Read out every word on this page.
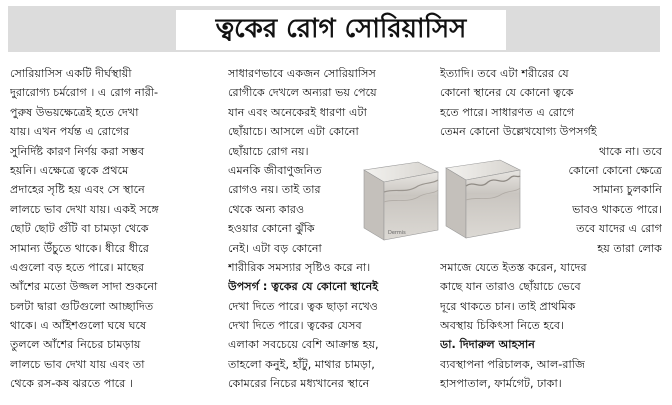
ত্বকের রোগ সোরিয়াসিস
সোরিয়াসিস একটি দীর্ঘস্থায়ী
দুরারোগ্য চর্মরোগ । এ রোগ নারী-
পুরুষ উভয়ক্ষেত্রেই হতে দেখা
যায়। এখন পর্যন্ত এ রোগের
সুনির্দিষ্ট কারণ নির্ণয় করা সম্ভব
হয়নি। এক্ষেত্রে ত্বকে প্রথমে
প্রদাহের সৃষ্টি হয় এবং সে স্থানে
লালচে ভাব দেখা যায়। একই সঙ্গে
ছোট ছোট গুঁটি বা চামড়া থেকে
সামান্য উঁচুতে থাকে। ধীরে ধীরে
এগুলো বড় হতে পারে। মাছের
আঁশের মতো উজ্জল সাদা শুকনো
চলটা দ্বারা গুটিগুলো আচ্ছাদিত
থাকে। এ আঁইশগুলো ঘষে ঘষে
তুললে আঁশের নিচের চামড়ায়
লালচে ভাব দেখা যায় এবং তা
থেকে রস-কষ ঝরতে পারে ।
সাধারণভাবে একজন সোরিয়াসিস
রোগীকে দেখলে অন্যরা ভয় পেয়ে
যান এবং অনেকেরই ধারণা এটা
ছোঁয়াচে। আসলে এটা কোনো
ছোঁয়াচে রোগ নয়।
এমনকি জীবাণুজনিত
রোগও নয়। তাই তার
থেকে অন্য কারও
হওয়ার কোনো ঝুঁকি
নেই। এটা বড় কোনো
শারীরিক সমস্যার সৃষ্টিও করে না।
উপসর্গ : ত্বকের যে কোনো স্থানেই
দেখা দিতে পারে। ত্বক ছাড়া নখেও
দেখা দিতে পারে। ত্বকের যেসব
এলাকা সবচেয়ে বেশি আক্রান্ত হয়,
তাহলো কনুই, হাঁটু, মাথার চামড়া,
কোমরের নিচের মধ্যখানের স্থানে
ইত্যাদি। তবে এটা শরীরের যে
কোনো স্থানের যে কোনো ত্বকে
হতে পারে। সাধারণত এ রোগে
তেমন কোনো উল্লেখযোগ্য উপসর্গই
থাকে না। তবে
কোনো কোনো ক্ষেত্রে
সামান্য চুলকানি
ভাবও থাকতে পারে।
তবে যাদের এ রোগ
হয় তারা লোক
সমাজে যেতে ইতস্ত করেন, যাদের
কাছে যান তারাও ছোঁয়াচে ভেবে
দূরে থাকতে চান। তাই প্রাথমিক
অবস্থায় চিকিৎসা নিতে হবে।
ডা. দিদারুল আহসান
ব্যবস্থাপনা পরিচালক, আল-রাজি
হাসপাতাল, ফার্মগেট, ঢাকা।
Dermis
